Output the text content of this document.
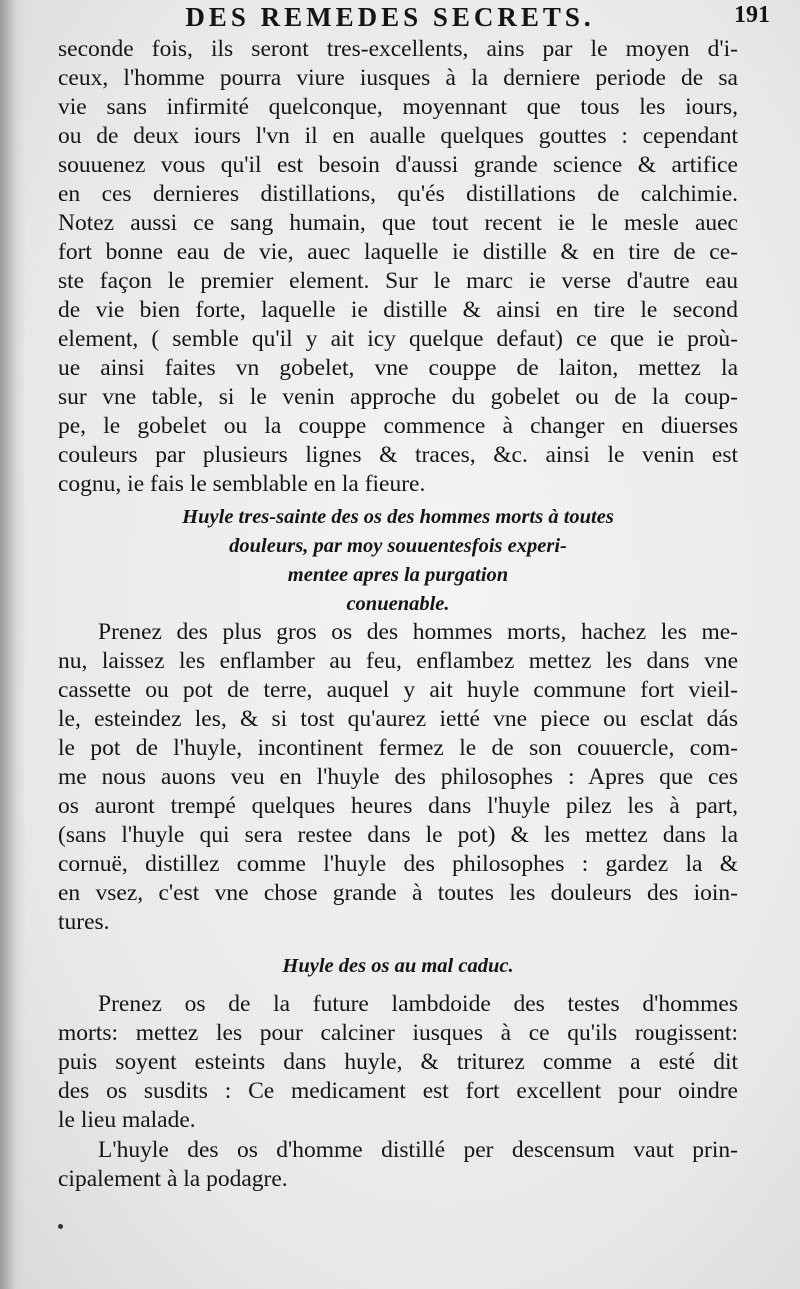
DES REMEDES SECRETS.	191
seconde fois, ils seront tres-excellents, ains par le moyen d'i-
ceux, l'homme pourra viure iusques à la derniere periode de sa
vie sans infirmité quelconque, moyennant que tous les iours,
ou de deux iours l'vn il en aualle quelques gouttes : cependant
souuenez vous qu'il est besoin d'aussi grande science & artifice
en ces dernieres distillations, qu'és distillations de calchimie.
Notez aussi ce sang humain, que tout recent ie le mesle auec
fort bonne eau de vie, auec laquelle ie distille & en tire de ce-
ste façon le premier element. Sur le marc ie verse d'autre eau
de vie bien forte, laquelle ie distille & ainsi en tire le second
element, ( semble qu'il y ait icy quelque defaut) ce que ie proù-
ue ainsi faites vn gobelet, vne couppe de laiton, mettez la
sur vne table, si le venin approche du gobelet ou de la coup-
pe, le gobelet ou la couppe commence à changer en diuerses
couleurs par plusieurs lignes & traces, &c. ainsi le venin est
cognu, ie fais le semblable en la fieure.
Huyle tres-sainte des os des hommes morts à toutes
douleurs, par moy souuentesfois experi-
mentee apres la purgation
conuenable.
Prenez des plus gros os des hommes morts, hachez les me-
nu, laissez les enflamber au feu, enflambez mettez les dans vne
cassette ou pot de terre, auquel y ait huyle commune fort vieil-
le, esteindez les, & si tost qu'aurez ietté vne piece ou esclat dás
le pot de l'huyle, incontinent fermez le de son couuercle, com-
me nous auons veu en l'huyle des philosophes : Apres que ces
os auront trempé quelques heures dans l'huyle pilez les à part,
(sans l'huyle qui sera restee dans le pot) & les mettez dans la
cornuë, distillez comme l'huyle des philosophes : gardez la &
en vsez, c'est vne chose grande à toutes les douleurs des ioin-
tures.
Huyle des os au mal caduc.
Prenez os de la future lambdoide des testes d'hommes
morts: mettez les pour calciner iusques à ce qu'ils rougissent:
puis soyent esteints dans huyle, & triturez comme a esté dit
des os susdits : Ce medicament est fort excellent pour oindre
le lieu malade.
L'huyle des os d'homme distillé per descensum vaut prin-
cipalement à la podagre.
